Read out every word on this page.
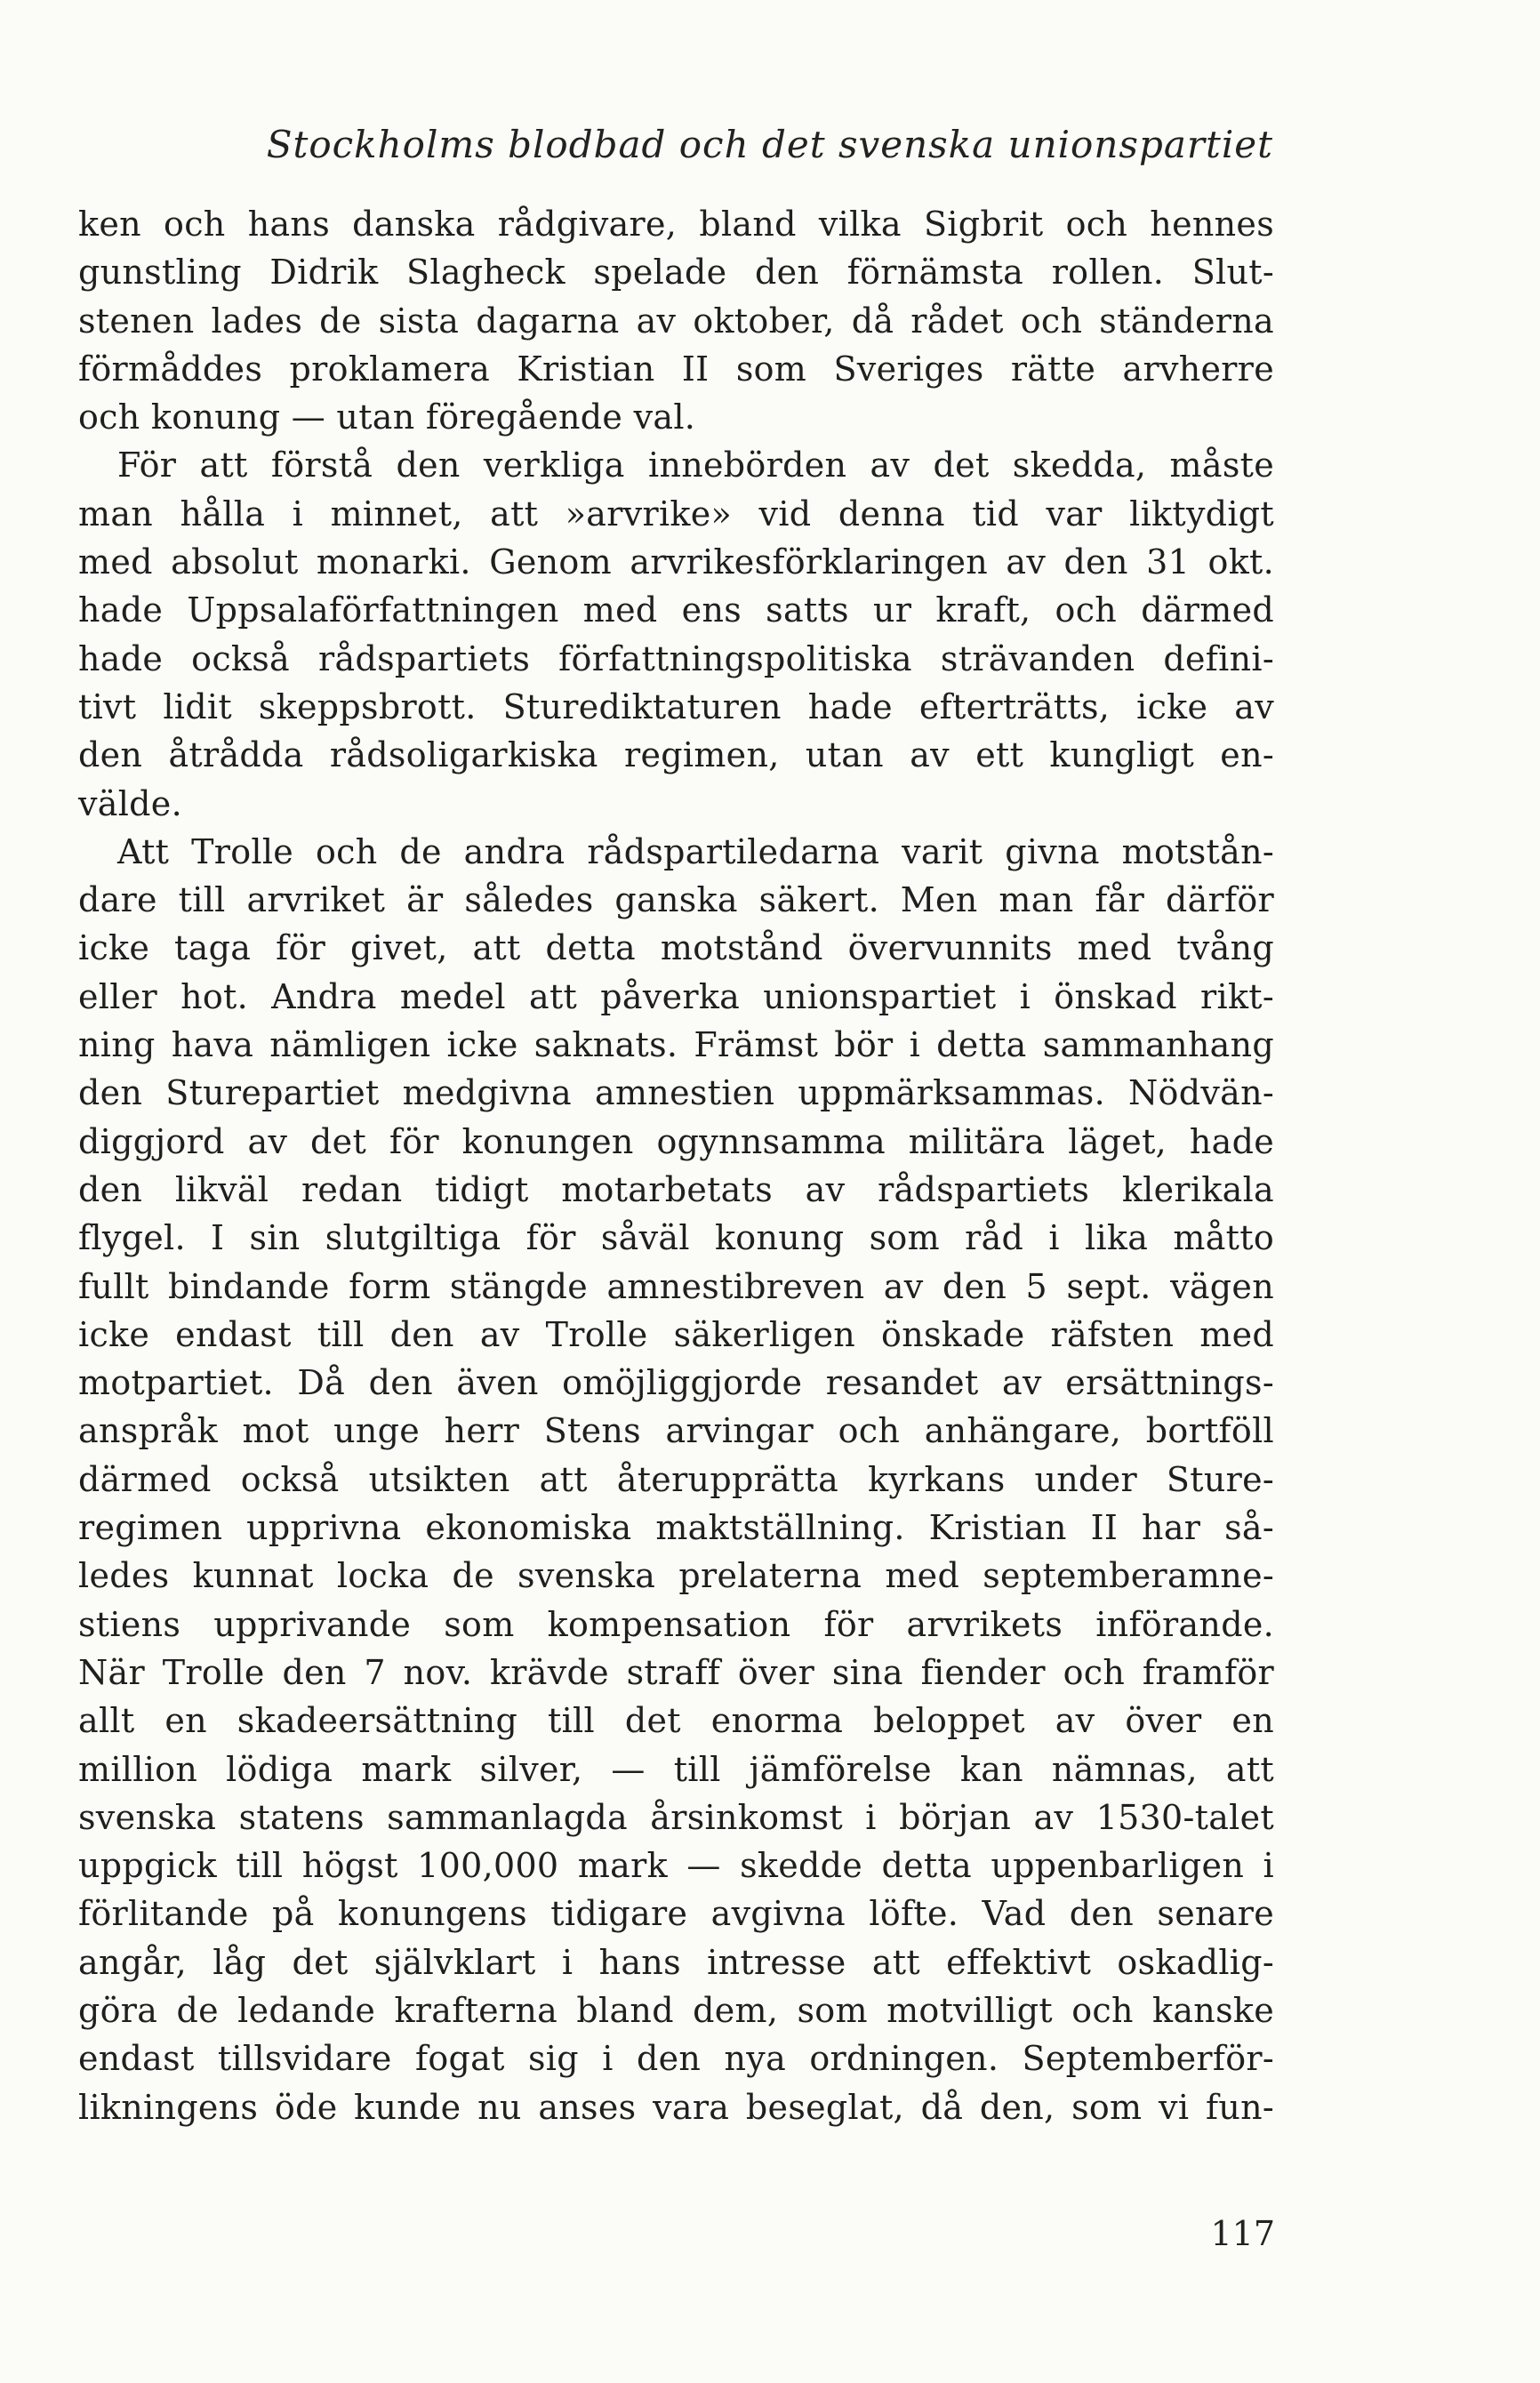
Stockholms blodbad och det svenska unionspartiet
ken och hans danska rådgivare, bland vilka Sigbrit och hennes
gunstling Didrik Slagheck spelade den förnämsta rollen. Slut-
stenen lades de sista dagarna av oktober, då rådet och ständerna
förmåddes proklamera Kristian II som Sveriges rätte arvherre
och konung — utan föregående val.
För att förstå den verkliga innebörden av det skedda, måste
man hålla i minnet, att »arvrike» vid denna tid var liktydigt
med absolut monarki. Genom arvrikesförklaringen av den 31 okt.
hade Uppsalaförfattningen med ens satts ur kraft, och därmed
hade också rådspartiets författningspolitiska strävanden defini-
tivt lidit skeppsbrott. Sturediktaturen hade efterträtts, icke av
den åtrådda rådsoligarkiska regimen, utan av ett kungligt en-
välde.
Att Trolle och de andra rådspartiledarna varit givna motstån-
dare till arvriket är således ganska säkert. Men man får därför
icke taga för givet, att detta motstånd övervunnits med tvång
eller hot. Andra medel att påverka unionspartiet i önskad rikt-
ning hava nämligen icke saknats. Främst bör i detta sammanhang
den Sturepartiet medgivna amnestien uppmärksammas. Nödvän-
diggjord av det för konungen ogynnsamma militära läget, hade
den likväl redan tidigt motarbetats av rådspartiets klerikala
flygel. I sin slutgiltiga för såväl konung som råd i lika måtto
fullt bindande form stängde amnestibreven av den 5 sept. vägen
icke endast till den av Trolle säkerligen önskade räfsten med
motpartiet. Då den även omöjliggjorde resandet av ersättnings-
anspråk mot unge herr Stens arvingar och anhängare, bortföll
därmed också utsikten att återupprätta kyrkans under Sture-
regimen upprivna ekonomiska maktställning. Kristian II har så-
ledes kunnat locka de svenska prelaterna med septemberamne-
stiens upprivande som kompensation för arvrikets införande.
När Trolle den 7 nov. krävde straff över sina fiender och framför
allt en skadeersättning till det enorma beloppet av över en
million lödiga mark silver, — till jämförelse kan nämnas, att
svenska statens sammanlagda årsinkomst i början av 1530-talet
uppgick till högst 100,000 mark — skedde detta uppenbarligen i
förlitande på konungens tidigare avgivna löfte. Vad den senare
angår, låg det självklart i hans intresse att effektivt oskadlig-
göra de ledande krafterna bland dem, som motvilligt och kanske
endast tillsvidare fogat sig i den nya ordningen. Septemberför-
likningens öde kunde nu anses vara beseglat, då den, som vi fun-
117
